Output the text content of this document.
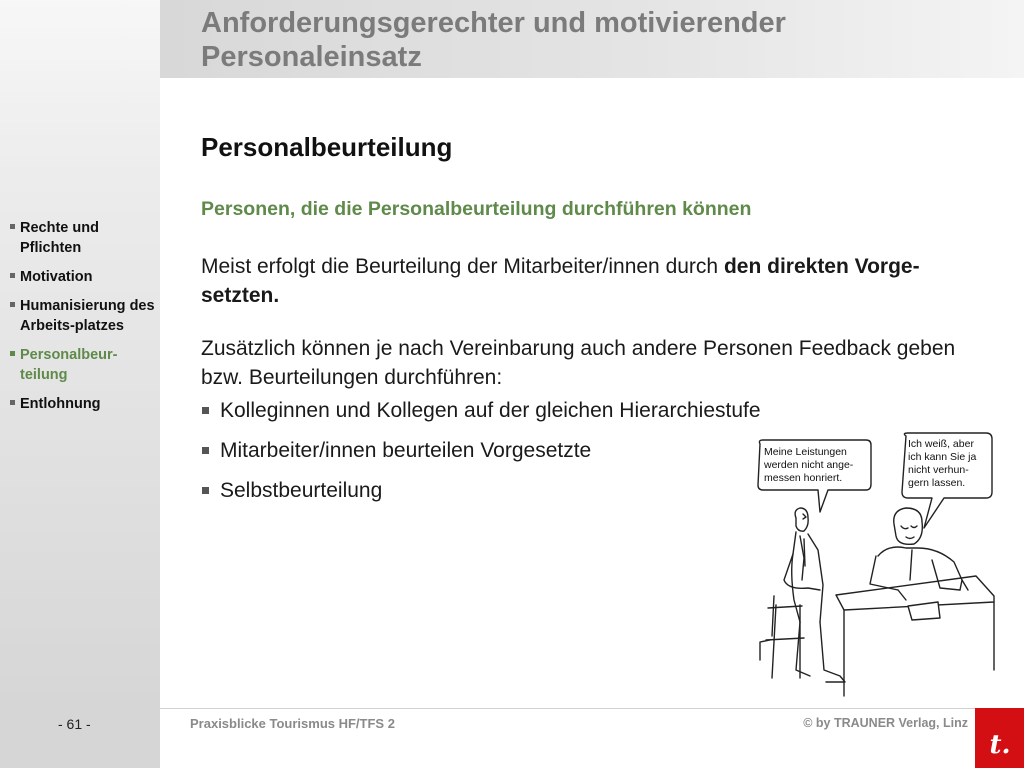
Rechte und Pflichten
Motivation
Humanisierung des Arbeits-platzes
Personalbeur-teilung
Entlohnung
Anforderungsgerechter und motivierender
Personaleinsatz
Personalbeurteilung
Personen, die die Personalbeurteilung durchführen können

Meist erfolgt die Beurteilung der Mitarbeiter/innen durch den direkten Vorge-setzten.

Zusätzlich können je nach Vereinbarung auch andere Personen Feedback geben bzw. Beurteilungen durchführen:

Kolleginnen und Kollegen auf der gleichen Hierarchiestufe
Mitarbeiter/innen beurteilen Vorgesetzte
Selbstbeurteilung
Meine Leistungen
werden nicht ange-
messen honriert.
Ich weiß, aber
ich kann Sie ja
nicht verhun-
gern lassen.
- 61 -	Praxisblicke Tourismus HF/TFS 2	© by TRAUNER Verlag, Linz
t.
